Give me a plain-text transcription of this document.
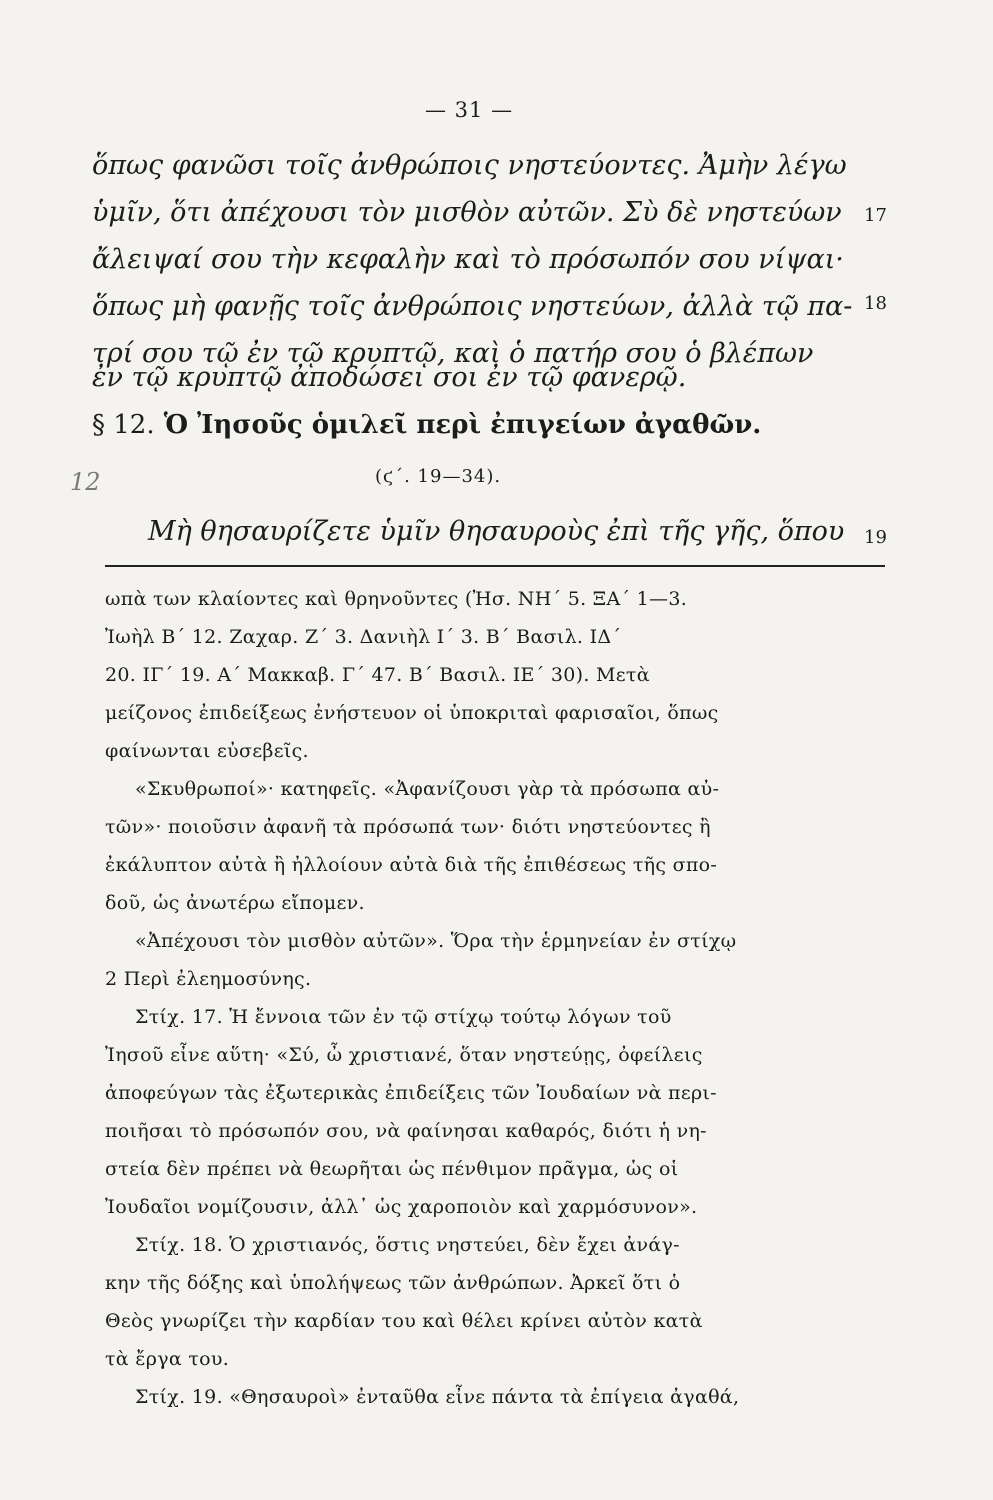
— 31 —
ὅπως φανῶσι τοῖς ἀνθρώποις νηστεύοντες. Ἀμὴν λέγω
ὑμῖν, ὅτι ἀπέχουσι τὸν μισθὸν αὐτῶν. Σὺ δὲ νηστεύων
ἄλειψαί σου τὴν κεφαλὴν καὶ τὸ πρόσωπόν σου νίψαι·
ὅπως μὴ φανῇς τοῖς ἀνθρώποις νηστεύων, ἀλλὰ τῷ πα-
τρί σου τῷ ἐν τῷ κρυπτῷ, καὶ ὁ πατήρ σου ὁ βλέπων
ἐν τῷ κρυπτῷ ἀποδώσει σοι ἐν τῷ φανερῷ.
17
18
19
§ 12. Ὁ Ἰησοῦς ὁμιλεῖ περὶ ἐπιγείων ἀγαθῶν.
12	(ϛ΄. 19—34).
Μὴ θησαυρίζετε ὑμῖν θησαυροὺς ἐπὶ τῆς γῆς, ὅπου
ωπὰ των κλαίοντες καὶ θρηνοῦντες (Ἠσ. ΝΗ΄ 5. ΞΑ΄ 1—3.
Ἰωὴλ Β΄ 12. Ζαχαρ. Ζ΄ 3. Δανιὴλ Ι΄ 3. Β΄ Βασιλ. ΙΔ΄
20. ΙΓ΄ 19. Α΄ Μακκαβ. Γ΄ 47. Β΄ Βασιλ. ΙΕ΄ 30). Μετὰ
μείζονος ἐπιδείξεως ἐνήστευον οἱ ὑποκριταὶ φαρισαῖοι, ὅπως
φαίνωνται εὐσεβεῖς.
«Σκυθρωποί»· κατηφεῖς. «Ἀφανίζουσι γὰρ τὰ πρόσωπα αὐ-
τῶν»· ποιοῦσιν ἀφανῆ τὰ πρόσωπά των· διότι νηστεύοντες ἢ
ἐκάλυπτον αὐτὰ ἢ ἠλλοίουν αὐτὰ διὰ τῆς ἐπιθέσεως τῆς σπο-
δοῦ, ὡς ἀνωτέρω εἴπομεν.
«Ἀπέχουσι τὸν μισθὸν αὐτῶν». Ὅρα τὴν ἑρμηνείαν ἐν στίχῳ
2 Περὶ ἐλεημοσύνης.
Στίχ. 17. Ἡ ἔννοια τῶν ἐν τῷ στίχῳ τούτῳ λόγων τοῦ
Ἰησοῦ εἶνε αὕτη· «Σύ, ὦ χριστιανέ, ὅταν νηστεύῃς, ὀφείλεις
ἀποφεύγων τὰς ἐξωτερικὰς ἐπιδείξεις τῶν Ἰουδαίων νὰ περι-
ποιῆσαι τὸ πρόσωπόν σου, νὰ φαίνησαι καθαρός, διότι ἡ νη-
στεία δὲν πρέπει νὰ θεωρῆται ὡς πένθιμον πρᾶγμα, ὡς οἱ
Ἰουδαῖοι νομίζουσιν, ἀλλ᾿ ὡς χαροποιὸν καὶ χαρμόσυνον».
Στίχ. 18. Ὁ χριστιανός, ὅστις νηστεύει, δὲν ἔχει ἀνάγ-
κην τῆς δόξης καὶ ὑπολήψεως τῶν ἀνθρώπων. Ἀρκεῖ ὅτι ὁ
Θεὸς γνωρίζει τὴν καρδίαν του καὶ θέλει κρίνει αὐτὸν κατὰ
τὰ ἔργα του.
Στίχ. 19. «Θησαυροὶ» ἐνταῦθα εἶνε πάντα τὰ ἐπίγεια ἀγαθά,
